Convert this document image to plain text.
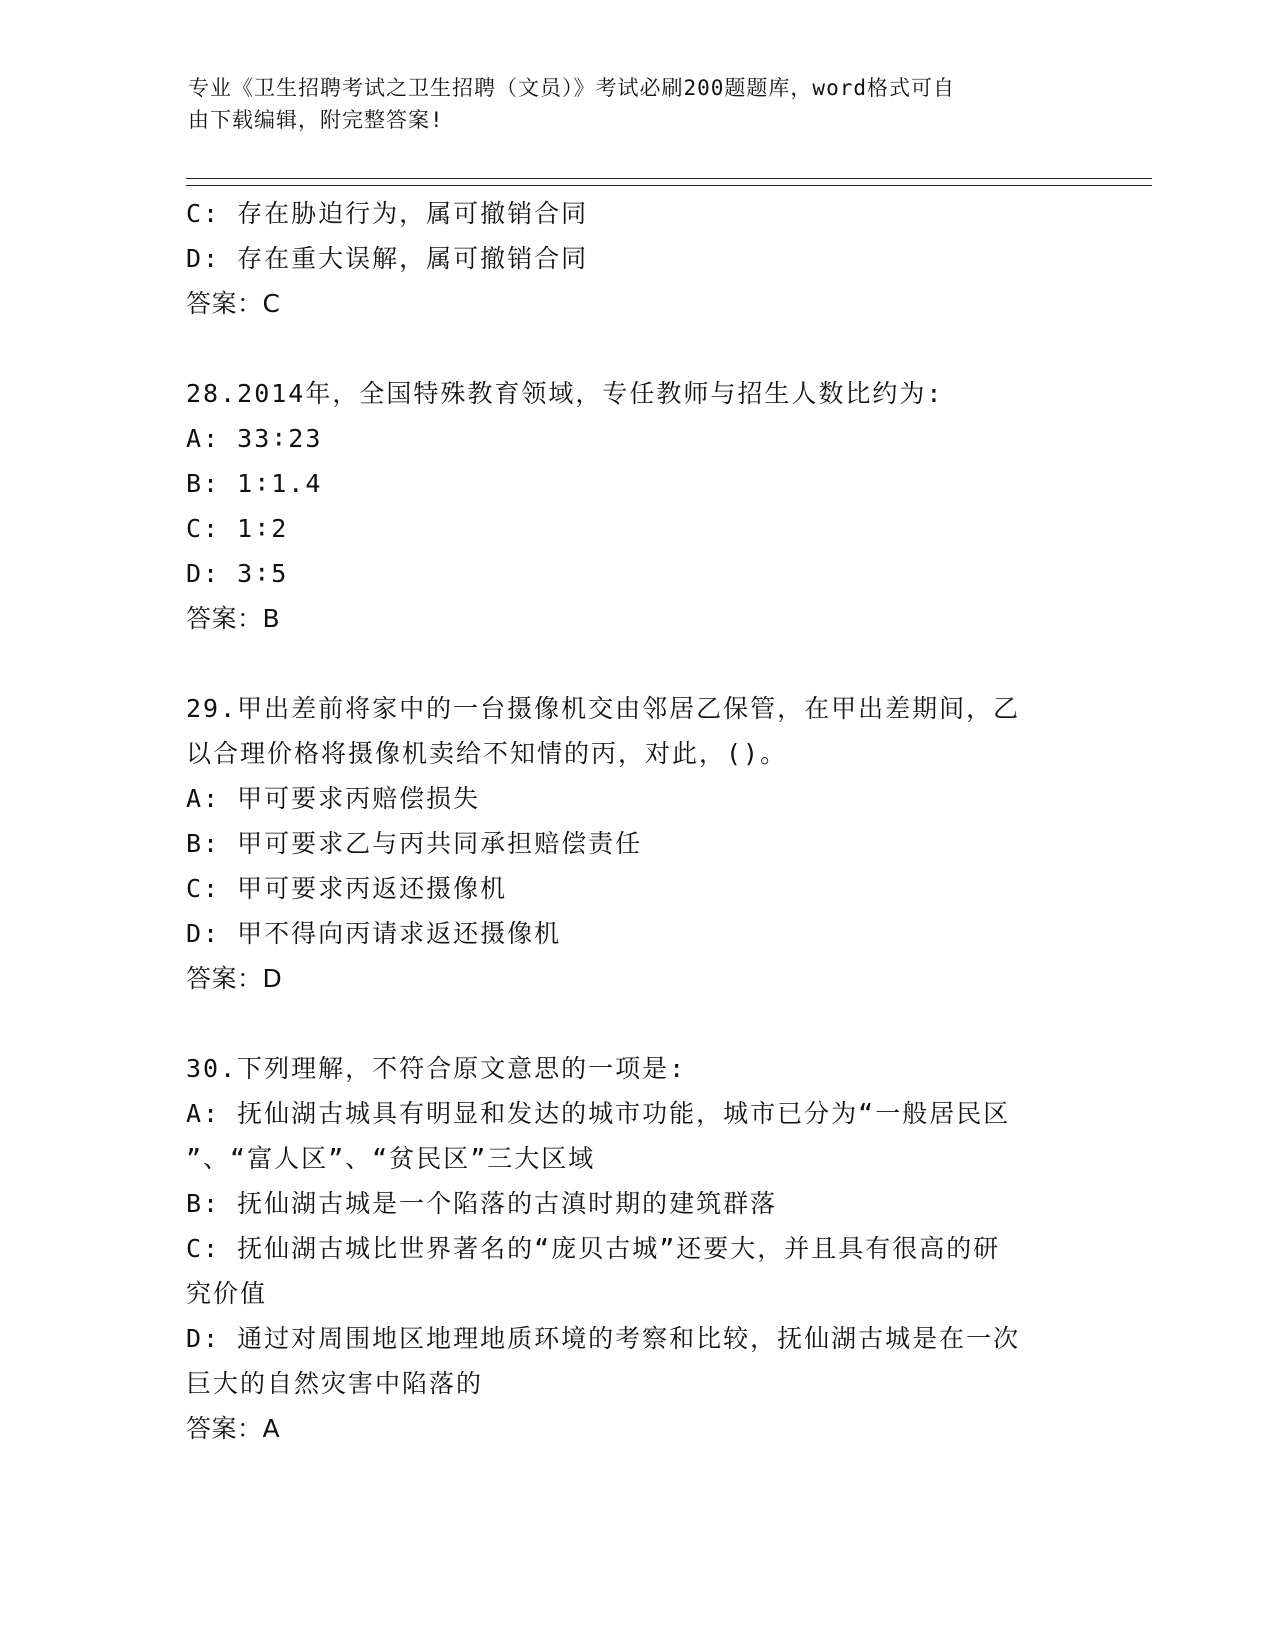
专业《卫生招聘考试之卫生招聘（文员）》考试必刷200题题库，word格式可自
由下载编辑，附完整答案!
C: 存在胁迫行为，属可撤销合同
D: 存在重大误解，属可撤销合同
答案：C
28.2014年，全国特殊教育领域，专任教师与招生人数比约为:
A: 33∶23
B: 1∶1.4
C: 1∶2
D: 3∶5
答案：B
29.甲出差前将家中的一台摄像机交由邻居乙保管，在甲出差期间，乙
以合理价格将摄像机卖给不知情的丙，对此，()。
A: 甲可要求丙赔偿损失
B: 甲可要求乙与丙共同承担赔偿责任
C: 甲可要求丙返还摄像机
D: 甲不得向丙请求返还摄像机
答案：D
30.下列理解，不符合原文意思的一项是:
A: 抚仙湖古城具有明显和发达的城市功能，城市已分为“一般居民区
”、“富人区”、“贫民区”三大区域
B: 抚仙湖古城是一个陷落的古滇时期的建筑群落
C: 抚仙湖古城比世界著名的“庞贝古城”还要大，并且具有很高的研
究价值
D: 通过对周围地区地理地质环境的考察和比较，抚仙湖古城是在一次
巨大的自然灾害中陷落的
答案：A
